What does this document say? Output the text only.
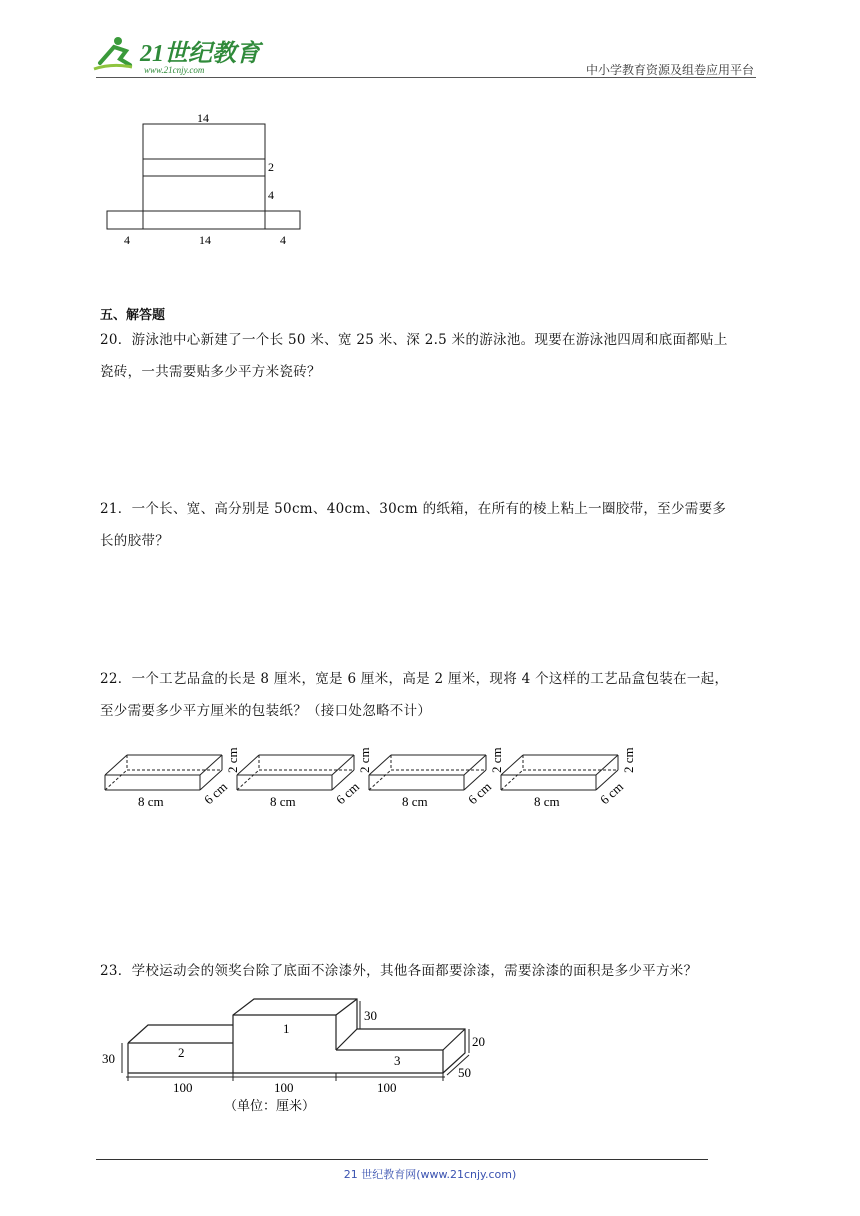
21世纪教育
www.21cnjy.com	中小学教育资源及组卷应用平台
14
2
4
4	14	4
五、解答题
20．游泳池中心新建了一个长 50 米、宽 25 米、深 2.5 米的游泳池。现要在游泳池四周和底面都贴上
瓷砖，一共需要贴多少平方米瓷砖？
21．一个长、宽、高分别是 50cm、40cm、30cm 的纸箱，在所有的棱上粘上一圈胶带，至少需要多
长的胶带？
22．一个工艺品盒的长是 8 厘米，宽是 6 厘米，高是 2 厘米，现将 4 个这样的工艺品盒包装在一起，
至少需要多少平方厘米的包装纸？（接口处忽略不计）
8 cm	6 cm
2 cm
8 cm	6 cm
2 cm
8 cm	6 cm
2 cm
8 cm	6 cm
2 cm
23．学校运动会的领奖台除了底面不涂漆外，其他各面都要涂漆，需要涂漆的面积是多少平方米？
2
1
3
30
30
20
50
100	100	100
（单位：厘米）
21 世纪教育网(www.21cnjy.com)
